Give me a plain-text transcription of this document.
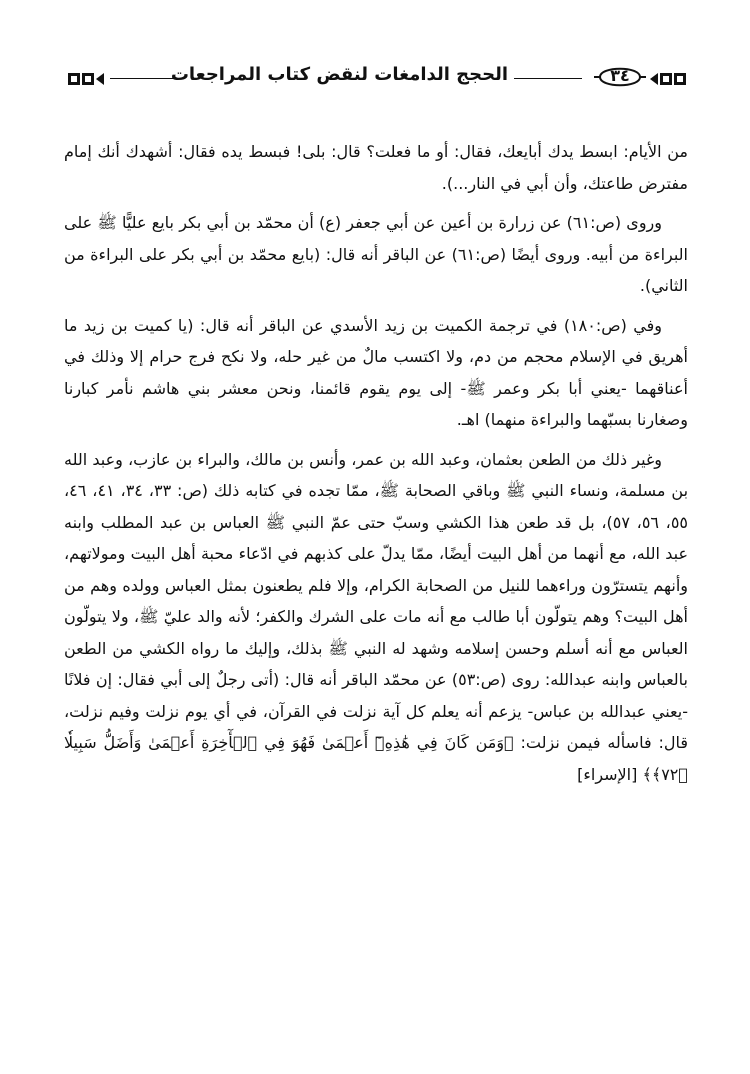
الحجج الدامغات لنقض كتاب المراجعات	٣٤

من الأيام: ابسط يدك أبايعك، فقال: أو ما فعلت؟ قال: بلى! فبسط يده فقال: أشهدك أنك إمام مفترض طاعتك، وأن أبي في النار...).

وروى (ص:٦١) عن زرارة بن أعين عن أبي جعفر (ع) أن محمّد بن أبي بكر بايع عليًّا ﷺ على البراءة من أبيه. وروى أيضًا (ص:٦١) عن الباقر أنه قال: (بايع محمّد بن أبي بكر على البراءة من الثاني).

وفي (ص:١٨٠) في ترجمة الكميت بن زيد الأسدي عن الباقر أنه قال: (يا كميت بن زيد ما أهريق في الإسلام محجم من دم، ولا اكتسب مالٌ من غير حله، ولا نكح فرج حرام إلا وذلك في أعناقهما -يعني أبا بكر وعمر ﷺ- إلى يوم يقوم قائمنا، ونحن معشر بني هاشم نأمر كبارنا وصغارنا بسبّهما والبراءة منهما) اهـ.

وغير ذلك من الطعن بعثمان، وعبد الله بن عمر، وأنس بن مالك، والبراء بن عازب، وعبد الله بن مسلمة، ونساء النبي ﷺ وباقي الصحابة ﷺ، ممّا تجده في كتابه ذلك (ص: ٣٣، ٣٤، ٤١، ٤٦، ٥٥، ٥٦، ٥٧)، بل قد طعن هذا الكشي وسبّ حتى عمّ النبي ﷺ العباس بن عبد المطلب وابنه عبد الله، مع أنهما من أهل البيت أيضًا، ممّا يدلّ على كذبهم في ادّعاء محبة أهل البيت ومولاتهم، وأنهم يتسترّون وراءهما للنيل من الصحابة الكرام، وإلا فلم يطعنون بمثل العباس وولده وهم من أهل البيت؟ وهم يتولّون أبا طالب مع أنه مات على الشرك والكفر؛ لأنه والد عليّ ﷺ، ولا يتولّون العباس مع أنه أسلم وحسن إسلامه وشهد له النبي ﷺ بذلك، وإليك ما رواه الكشي من الطعن بالعباس وابنه عبدالله: روى (ص:٥٣) عن محمّد الباقر أنه قال: (أتى رجلٌ إلى أبي فقال: إن فلانًا -يعني عبدالله بن عباس- يزعم أنه يعلم كل آية نزلت في القرآن، في أي يوم نزلت وفيم نزلت، قال: فاسأله فيمن نزلت: ﴿وَمَن كَانَ فِي هَٰذِهِۦٓ أَعۡمَىٰ فَهُوَ فِي ٱلۡأٓخِرَةِ أَعۡمَىٰ وَأَضَلُّ سَبِيلٗا ﴿٧٢﴾﴾ [الإسراء]
